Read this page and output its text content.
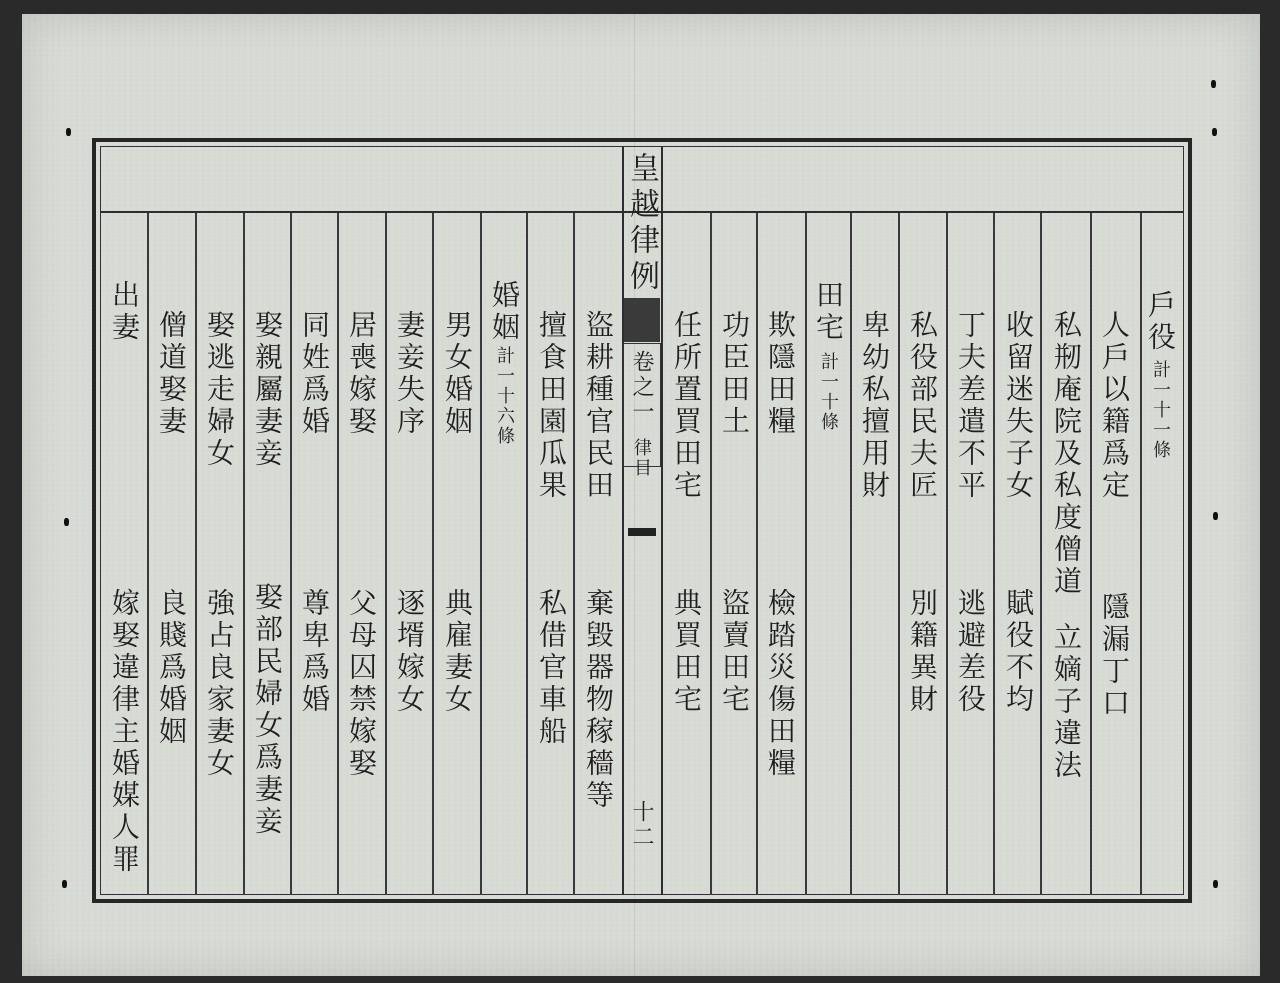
皇越律例
卷之一
律目
十二
戶役
計一十一條
人戶以籍爲定
隱漏丁口
私剏庵院及私度僧道
立嫡子違法
收留迷失子女
賦役不均
丁夫差遣不平
逃避差役
私役部民夫匠
別籍異財
卑幼私擅用財
田宅
計一十條
欺隱田糧
檢踏災傷田糧
功臣田土
盜賣田宅
任所置買田宅
典買田宅
盜耕種官民田
棄毀器物稼穡等
擅食田園瓜果
私借官車船
婚姻
計一十六條
男女婚姻
典雇妻女
妻妾失序
逐壻嫁女
居喪嫁娶
父母囚禁嫁娶
同姓爲婚
尊卑爲婚
娶親屬妻妾
娶部民婦女爲妻妾
娶逃走婦女
強占良家妻女
僧道娶妻
良賤爲婚姻
出妻
嫁娶違律主婚媒人罪
